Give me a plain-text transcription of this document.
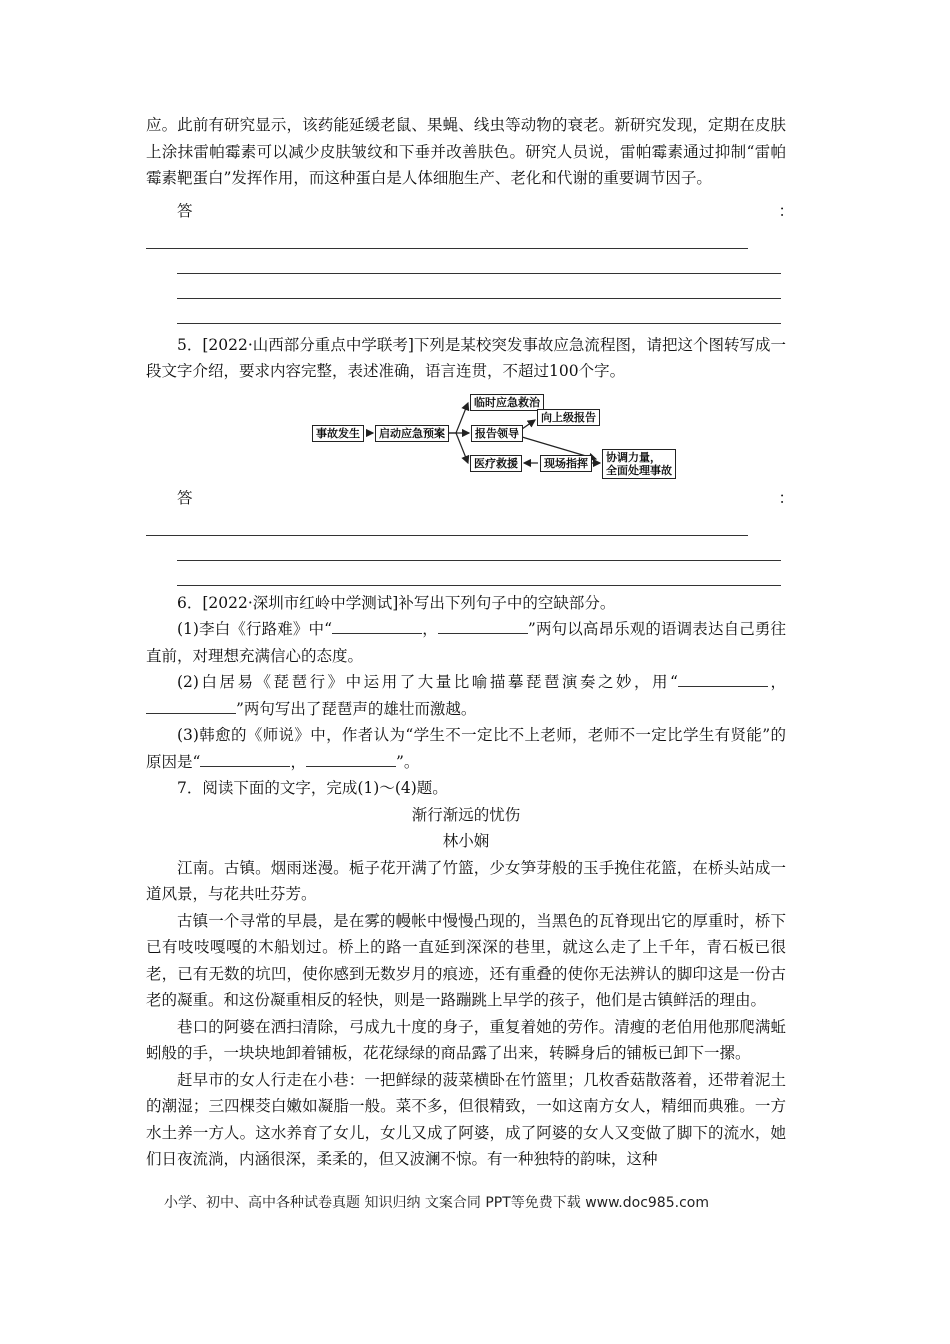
应。此前有研究显示，该药能延缓老鼠、果蝇、线虫等动物的衰老。新研究发现，定期在皮肤上涂抹雷帕霉素可以减少皮肤皱纹和下垂并改善肤色。研究人员说，雷帕霉素通过抑制“雷帕霉素靶蛋白”发挥作用，而这种蛋白是人体细胞生产、老化和代谢的重要调节因子。

答	：

5．[2022·山西部分重点中学联考]下列是某校突发事故应急流程图，请把这个图转写成一段文字介绍，要求内容完整，表述准确，语言连贯，不超过100个字。

事故发生	启动应急预案
临时应急救治
报告领导
向上级报告
医疗救援	现场指挥	协调力量，
全面处理事故
答	：

6．[2022·深圳市红岭中学测试]补写出下列句子中的空缺部分。

(1)李白《行路难》中“	，	”两句以高昂乐观的语调表达自己勇往直前，对理想充满信心的态度。

(2)白居易《琵琶行》中运用了大量比喻描摹琵琶演奏之妙，用“	，”两句写出了琵琶声的雄壮而激越。

(3)韩愈的《师说》中，作者认为“学生不一定比不上老师，老师不一定比学生有贤能”的原因是“	，	”。

7．阅读下面的文字，完成(1)～(4)题。

渐行渐远的忧伤

林小娴

江南。古镇。烟雨迷漫。栀子花开满了竹篮，少女笋芽般的玉手挽住花篮，在桥头站成一道风景，与花共吐芬芳。

古镇一个寻常的早晨，是在雾的幔帐中慢慢凸现的，当黑色的瓦脊现出它的厚重时，桥下已有吱吱嘎嘎的木船划过。桥上的路一直延到深深的巷里，就这么走了上千年，青石板已很老，已有无数的坑凹，使你感到无数岁月的痕迹，还有重叠的使你无法辨认的脚印这是一份古老的凝重。和这份凝重相反的轻快，则是一路蹦跳上早学的孩子，他们是古镇鲜活的理由。

巷口的阿婆在洒扫清除，弓成九十度的身子，重复着她的劳作。清瘦的老伯用他那爬满蚯蚓般的手，一块块地卸着铺板，花花绿绿的商品露了出来，转瞬身后的铺板已卸下一摞。

赶早市的女人行走在小巷：一把鲜绿的菠菜横卧在竹篮里；几枚香菇散落着，还带着泥土的潮湿；三四棵茭白嫩如凝脂一般。菜不多，但很精致，一如这南方女人，精细而典雅。一方水土养一方人。这水养育了女儿，女儿又成了阿婆，成了阿婆的女人又变做了脚下的流水，她们日夜流淌，内涵很深，柔柔的，但又波澜不惊。有一种独特的韵味，这种

小学、初中、高中各种试卷真题 知识归纳 文案合同 PPT等免费下载 www.doc985.com
